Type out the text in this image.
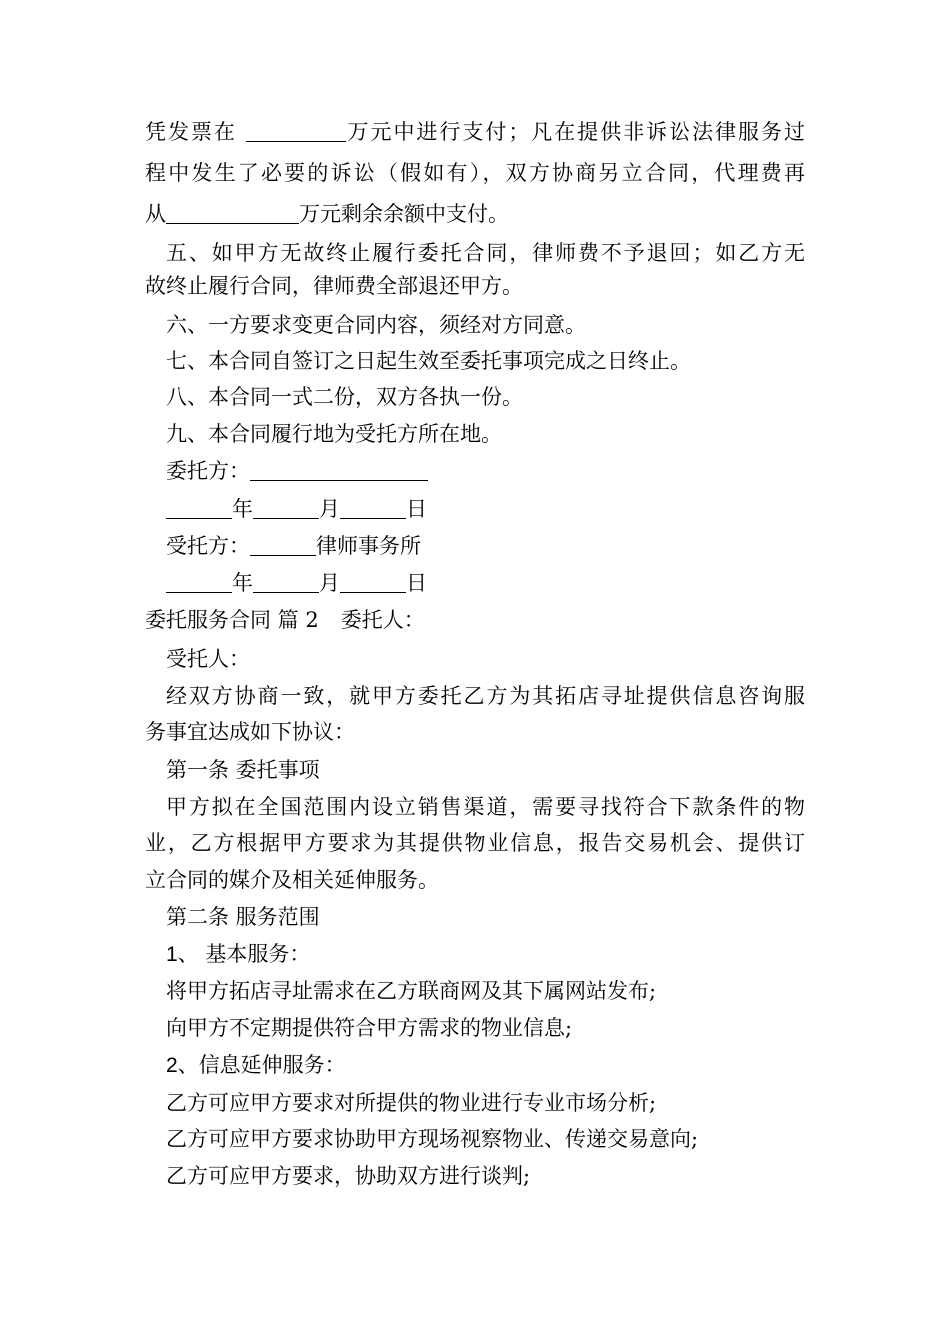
凭发票在	万元中进行支付；凡在提供非诉讼法律服务过
程中发生了必要的诉讼（假如有），双方协商另立合同，代理费再
从	万元剩余余额中支付。
五、如甲方无故终止履行委托合同，律师费不予退回；如乙方无
故终止履行合同，律师费全部退还甲方。
六、一方要求变更合同内容，须经对方同意。
七、本合同自签订之日起生效至委托事项完成之日终止。
八、本合同一式二份，双方各执一份。
九、本合同履行地为受托方所在地。
委托方：
年	月	日
受托方：	律师事务所
年	月	日
委托服务合同 篇 2 委托人：
受托人：
经双方协商一致，就甲方委托乙方为其拓店寻址提供信息咨询服
务事宜达成如下协议：
第一条 委托事项
甲方拟在全国范围内设立销售渠道，需要寻找符合下款条件的物
业，乙方根据甲方要求为其提供物业信息，报告交易机会、提供订
立合同的媒介及相关延伸服务。
第二条 服务范围
1、 基本服务：
将甲方拓店寻址需求在乙方联商网及其下属网站发布;
向甲方不定期提供符合甲方需求的物业信息;
2、信息延伸服务：
乙方可应甲方要求对所提供的物业进行专业市场分析;
乙方可应甲方要求协助甲方现场视察物业、传递交易意向;
乙方可应甲方要求，协助双方进行谈判;
